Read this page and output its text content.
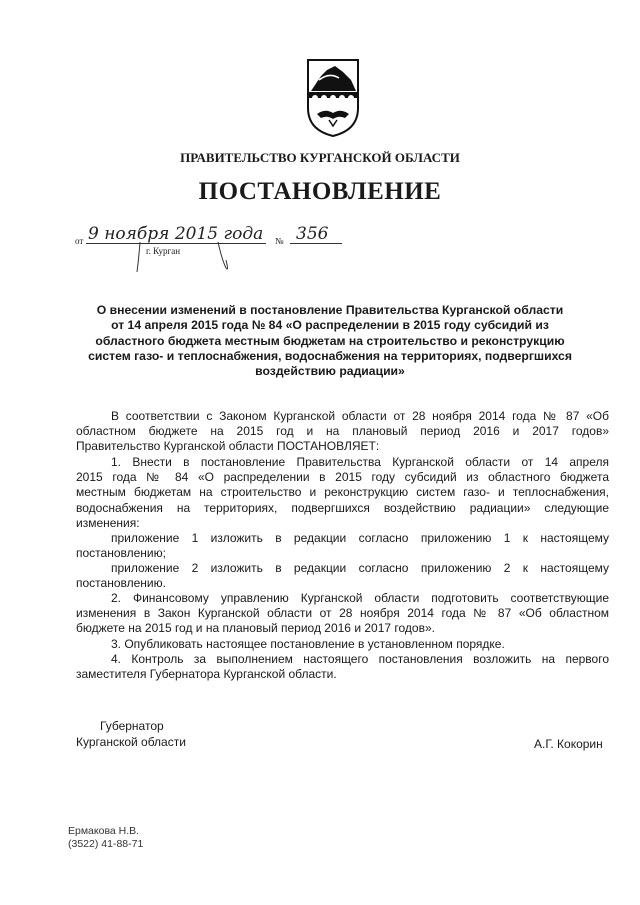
ПРАВИТЕЛЬСТВО КУРГАНСКОЙ ОБЛАСТИ
ПОСТАНОВЛЕНИЕ
от 9 ноября 2015 года № 356
г. Курган
О внесении изменений в постановление Правительства Курганской области
от 14 апреля 2015 года № 84 «О распределении в 2015 году субсидий из
областного бюджета местным бюджетам на строительство и реконструкцию
систем газо- и теплоснабжения, водоснабжения на территориях, подвергшихся
воздействию радиации»
В соответствии с Законом Курганской области от 28 ноября 2014 года № 87 «Об
областном бюджете на 2015 год и на плановый период 2016 и 2017 годов»
Правительство Курганской области ПОСТАНОВЛЯЕТ:
1. Внести в постановление Правительства Курганской области от 14 апреля
2015 года № 84 «О распределении в 2015 году субсидий из областного бюджета
местным бюджетам на строительство и реконструкцию систем газо- и теплоснабжения,
водоснабжения на территориях, подвергшихся воздействию радиации» следующие
изменения:
приложение 1 изложить в редакции согласно приложению 1 к настоящему
постановлению;
приложение 2 изложить в редакции согласно приложению 2 к настоящему
постановлению.
2. Финансовому управлению Курганской области подготовить соответствующие
изменения в Закон Курганской области от 28 ноября 2014 года № 87 «Об областном
бюджете на 2015 год и на плановый период 2016 и 2017 годов».
3. Опубликовать настоящее постановление в установленном порядке.
4. Контроль за выполнением настоящего постановления возложить на первого
заместителя Губернатора Курганской области.
Губернатор
Курганской области	А.Г. Кокорин
Ермакова Н.В.
(3522) 41-88-71
